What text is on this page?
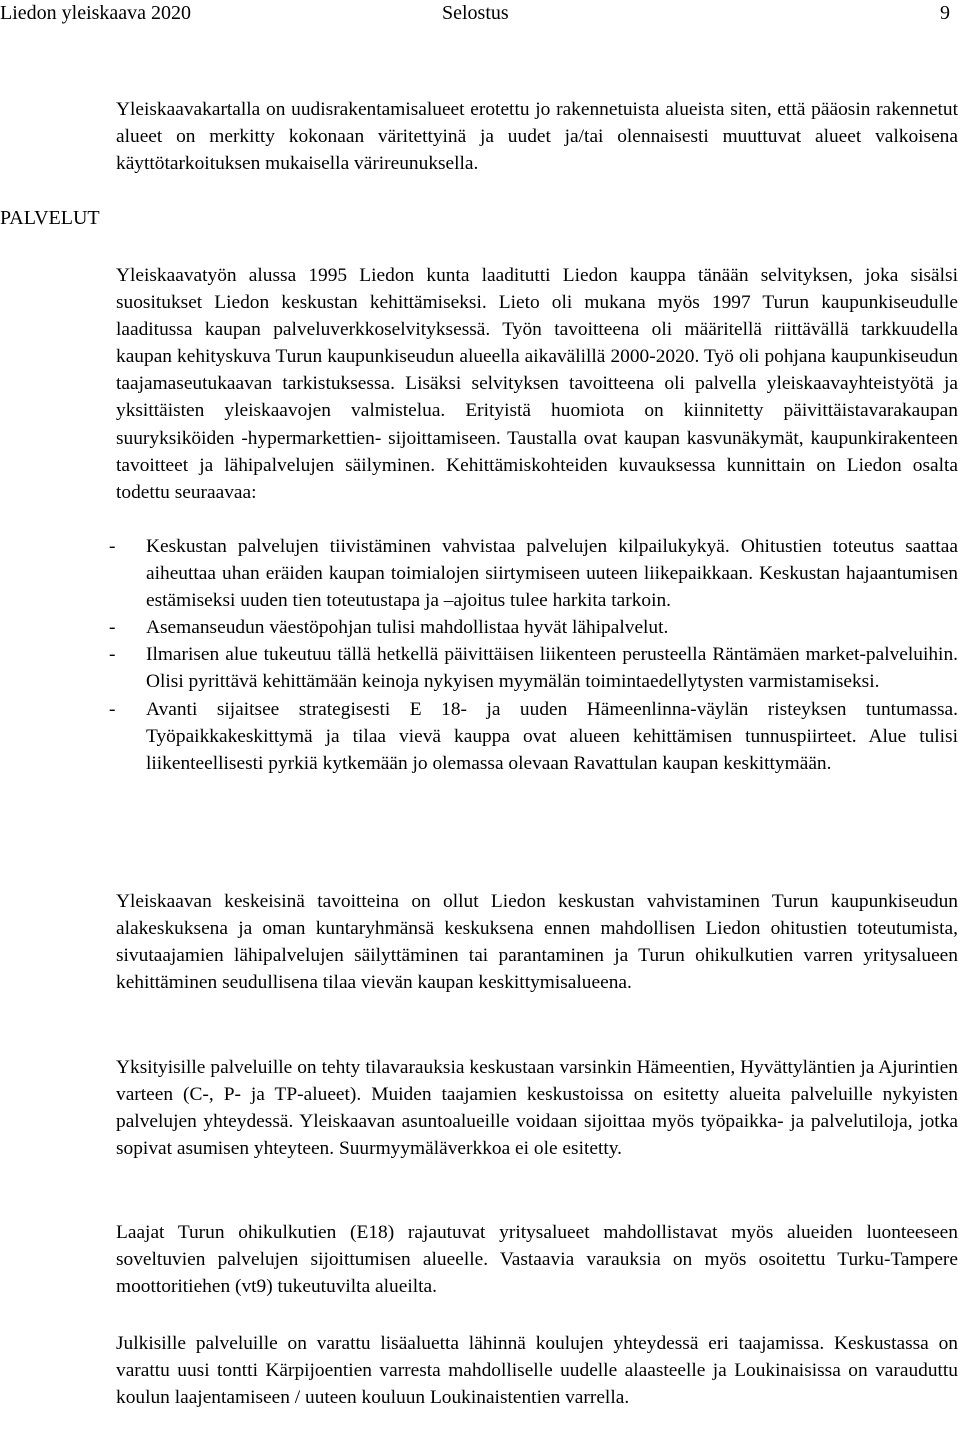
Liedon yleiskaava 2020	Selostus	9
PALVELUT

Yleiskaavakartalla on uudisrakentamisalueet erotettu jo rakennetuista alueista siten, että pääosin rakennetut alueet on merkitty kokonaan väritettyinä ja uudet ja/tai olennaisesti muuttuvat alueet valkoisena käyttötarkoituksen mukaisella värireunuksella.

Yleiskaavatyön alussa 1995 Liedon kunta laaditutti Liedon kauppa tänään selvityksen, joka sisälsi suositukset Liedon keskustan kehittämiseksi. Lieto oli mukana myös 1997 Turun kaupunkiseudulle laaditussa kaupan palveluverkkoselvityksessä. Työn tavoitteena oli määritellä riittävällä tarkkuudella kaupan kehityskuva Turun kaupunkiseudun alueella aikavälillä 2000-2020. Työ oli pohjana kaupunkiseudun taajamaseutukaavan tarkistuksessa. Lisäksi selvityksen tavoitteena oli palvella yleiskaavayhteistyötä ja yksittäisten yleiskaavojen valmistelua. Erityistä huomiota on kiinnitetty päivittäistavarakaupan suuryksiköiden -hypermarkettien- sijoittamiseen. Taustalla ovat kaupan kasvunäkymät, kaupunkirakenteen tavoitteet ja lähipalvelujen säilyminen. Kehittämiskohteiden kuvauksessa kunnittain on Liedon osalta todettu seuraavaa:

- Keskustan palvelujen tiivistäminen vahvistaa palvelujen kilpailukykyä. Ohitustien toteutus saattaa aiheuttaa uhan eräiden kaupan toimialojen siirtymiseen uuteen liikepaikkaan. Keskustan hajaantumisen estämiseksi uuden tien toteutustapa ja –ajoitus tulee harkita tarkoin.
- Asemanseudun väestöpohjan tulisi mahdollistaa hyvät lähipalvelut.
- Ilmarisen alue tukeutuu tällä hetkellä päivittäisen liikenteen perusteella Räntämäen market-palveluihin. Olisi pyrittävä kehittämään keinoja nykyisen myymälän toimintaedellytysten varmistamiseksi.
- Avanti sijaitsee strategisesti E 18- ja uuden Hämeenlinna-väylän risteyksen tuntumassa. Työpaikkakeskittymä ja tilaa vievä kauppa ovat alueen kehittämisen tunnuspiirteet. Alue tulisi liikenteellisesti pyrkiä kytkemään jo olemassa olevaan Ravattulan kaupan keskittymään.

Yleiskaavan keskeisinä tavoitteina on ollut Liedon keskustan vahvistaminen Turun kaupunkiseudun alakeskuksena ja oman kuntaryhmänsä keskuksena ennen mahdollisen Liedon ohitustien toteutumista, sivutaajamien lähipalvelujen säilyttäminen tai parantaminen ja Turun ohikulkutien varren yritysalueen kehittäminen seudullisena tilaa vievän kaupan keskittymisalueena.

Yksityisille palveluille on tehty tilavarauksia keskustaan varsinkin Hämeentien, Hyvättyläntien ja Ajurintien varteen (C-, P- ja TP-alueet). Muiden taajamien keskustoissa on esitetty alueita palveluille nykyisten palvelujen yhteydessä. Yleiskaavan asuntoalueille voidaan sijoittaa myös työpaikka- ja palvelutiloja, jotka sopivat asumisen yhteyteen. Suurmyymäläverkkoa ei ole esitetty.

Laajat Turun ohikulkutien (E18) rajautuvat yritysalueet mahdollistavat myös alueiden luonteeseen soveltuvien palvelujen sijoittumisen alueelle. Vastaavia varauksia on myös osoitettu Turku-Tampere moottoritiehen (vt9) tukeutuvilta alueilta.

Julkisille palveluille on varattu lisäaluetta lähinnä koulujen yhteydessä eri taajamissa. Keskustassa on varattu uusi tontti Kärpijoentien varresta mahdolliselle uudelle alaasteelle ja Loukinaisissa on varauduttu koulun laajentamiseen / uuteen kouluun Loukinaistentien varrella.
